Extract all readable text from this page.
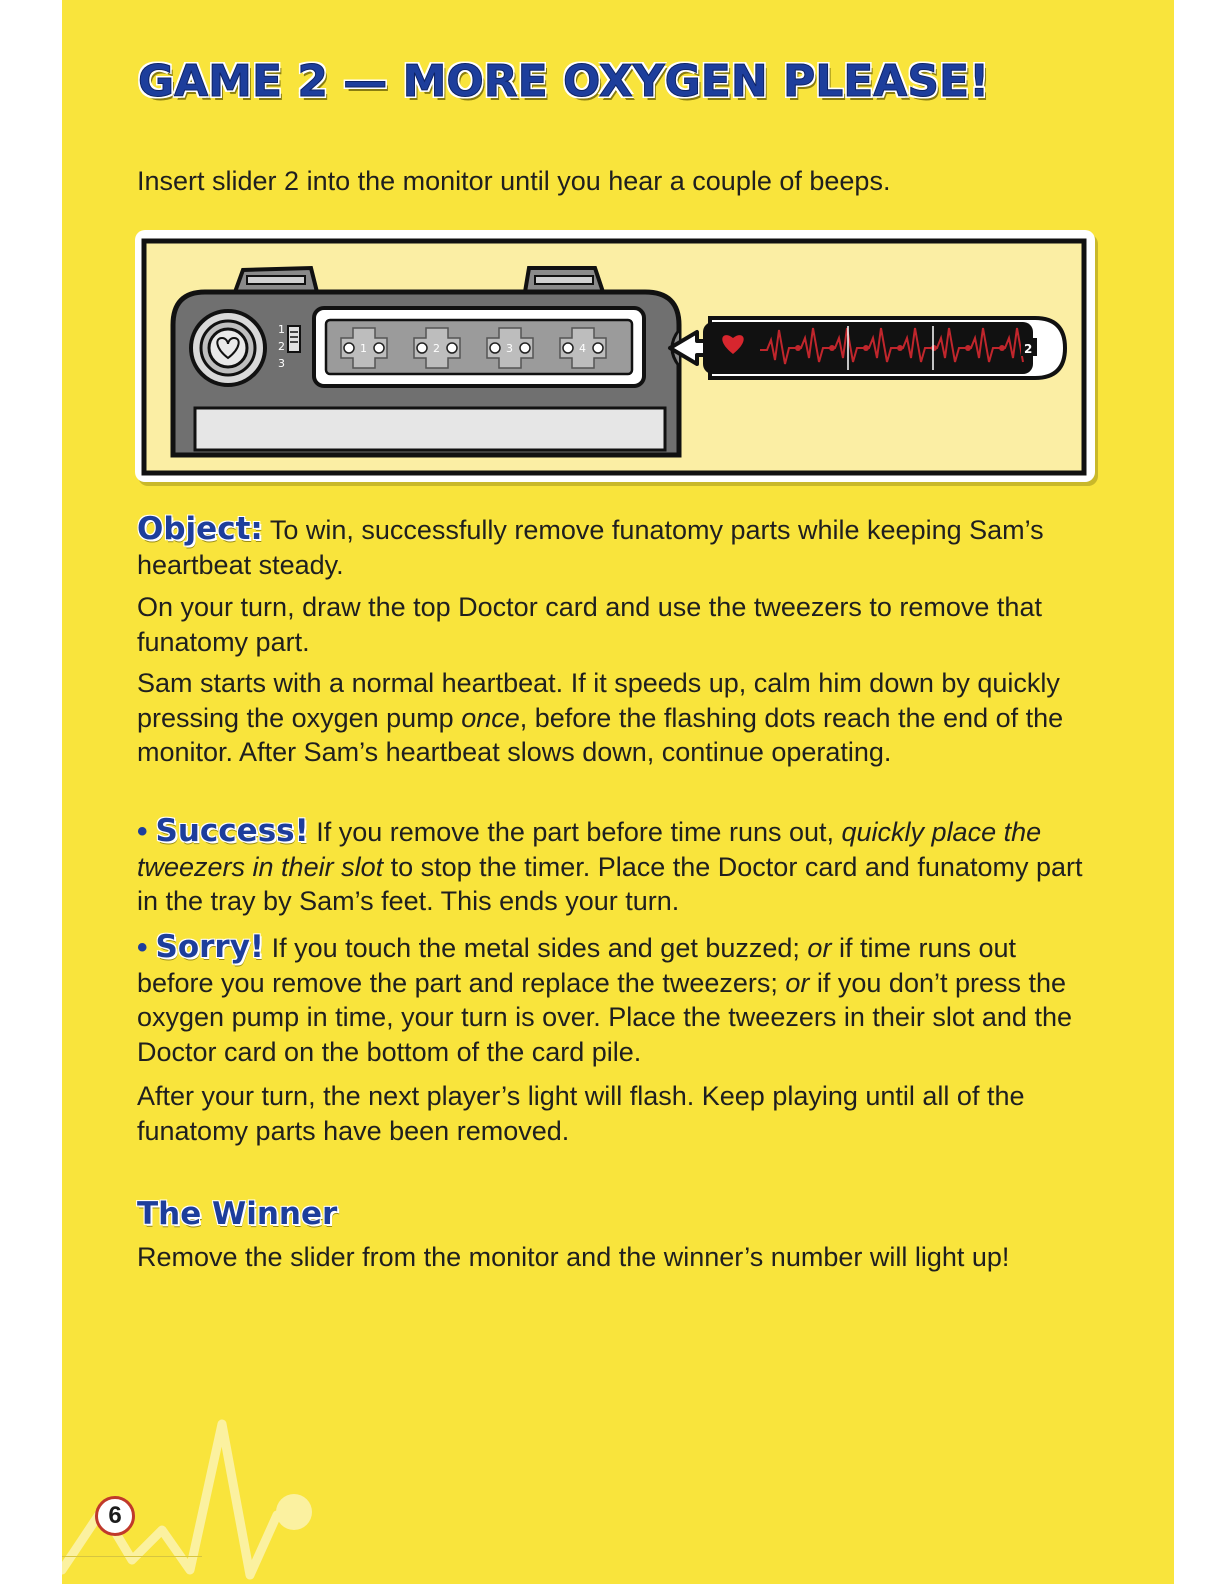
GAME 2 — MORE OXYGEN PLEASE!

Insert slider 2 into the monitor until you hear a couple of beeps.

1
2
3
1	2	3	4	2

Object: To win, successfully remove funatomy parts while keeping Sam’s heartbeat steady.

On your turn, draw the top Doctor card and use the tweezers to remove that funatomy part.

Sam starts with a normal heartbeat. If it speeds up, calm him down by quickly pressing the oxygen pump once, before the flashing dots reach the end of the monitor. After Sam’s heartbeat slows down, continue operating.

• Success! If you remove the part before time runs out, quickly place the tweezers in their slot to stop the timer. Place the Doctor card and funatomy part in the tray by Sam’s feet. This ends your turn.

• Sorry! If you touch the metal sides and get buzzed; or if time runs out before you remove the part and replace the tweezers; or if you don’t press the oxygen pump in time, your turn is over. Place the tweezers in their slot and the Doctor card on the bottom of the card pile.

After your turn, the next player’s light will flash. Keep playing until all of the funatomy parts have been removed.

The Winner

Remove the slider from the monitor and the winner’s number will light up!

6
